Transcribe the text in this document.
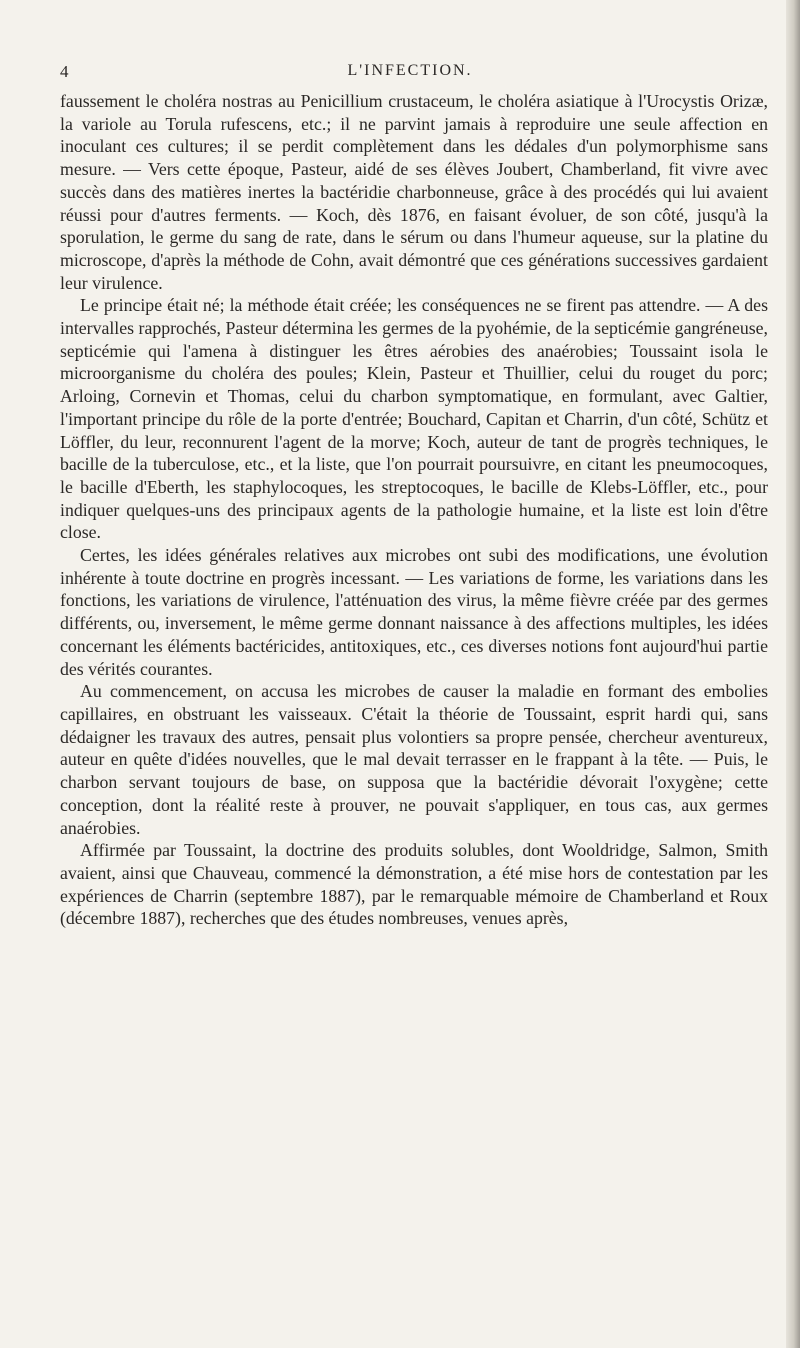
4	L'INFECTION.

faussement le choléra nostras au Penicillium crustaceum, le choléra asiatique à l'Urocystis Orizæ, la variole au Torula rufescens, etc.; il ne parvint jamais à reproduire une seule affection en inoculant ces cultures; il se perdit complètement dans les dédales d'un polymorphisme sans mesure. — Vers cette époque, Pasteur, aidé de ses élèves Joubert, Chamberland, fit vivre avec succès dans des matières inertes la bactéridie charbonneuse, grâce à des procédés qui lui avaient réussi pour d'autres ferments. — Koch, dès 1876, en faisant évoluer, de son côté, jusqu'à la sporulation, le germe du sang de rate, dans le sérum ou dans l'humeur aqueuse, sur la platine du microscope, d'après la méthode de Cohn, avait démontré que ces générations successives gardaient leur virulence.

Le principe était né; la méthode était créée; les conséquences ne se firent pas attendre. — A des intervalles rapprochés, Pasteur détermina les germes de la pyohémie, de la septicémie gangréneuse, septicémie qui l'amena à distinguer les êtres aérobies des anaérobies; Toussaint isola le microorganisme du choléra des poules; Klein, Pasteur et Thuillier, celui du rouget du porc; Arloing, Cornevin et Thomas, celui du charbon symptomatique, en formulant, avec Galtier, l'important principe du rôle de la porte d'entrée; Bouchard, Capitan et Charrin, d'un côté, Schütz et Löffler, du leur, reconnurent l'agent de la morve; Koch, auteur de tant de progrès techniques, le bacille de la tuberculose, etc., et la liste, que l'on pourrait poursuivre, en citant les pneumocoques, le bacille d'Eberth, les staphylocoques, les streptocoques, le bacille de Klebs-Löffler, etc., pour indiquer quelques-uns des principaux agents de la pathologie humaine, et la liste est loin d'être close.

Certes, les idées générales relatives aux microbes ont subi des modifications, une évolution inhérente à toute doctrine en progrès incessant. — Les variations de forme, les variations dans les fonctions, les variations de virulence, l'atténuation des virus, la même fièvre créée par des germes différents, ou, inversement, le même germe donnant naissance à des affections multiples, les idées concernant les éléments bactéricides, antitoxiques, etc., ces diverses notions font aujourd'hui partie des vérités courantes.

Au commencement, on accusa les microbes de causer la maladie en formant des embolies capillaires, en obstruant les vaisseaux. C'était la théorie de Toussaint, esprit hardi qui, sans dédaigner les travaux des autres, pensait plus volontiers sa propre pensée, chercheur aventureux, auteur en quête d'idées nouvelles, que le mal devait terrasser en le frappant à la tête. — Puis, le charbon servant toujours de base, on supposa que la bactéridie dévorait l'oxygène; cette conception, dont la réalité reste à prouver, ne pouvait s'appliquer, en tous cas, aux germes anaérobies.

Affirmée par Toussaint, la doctrine des produits solubles, dont Wooldridge, Salmon, Smith avaient, ainsi que Chauveau, commencé la démonstration, a été mise hors de contestation par les expériences de Charrin (septembre 1887), par le remarquable mémoire de Chamberland et Roux (décembre 1887), recherches que des études nombreuses, venues après,
